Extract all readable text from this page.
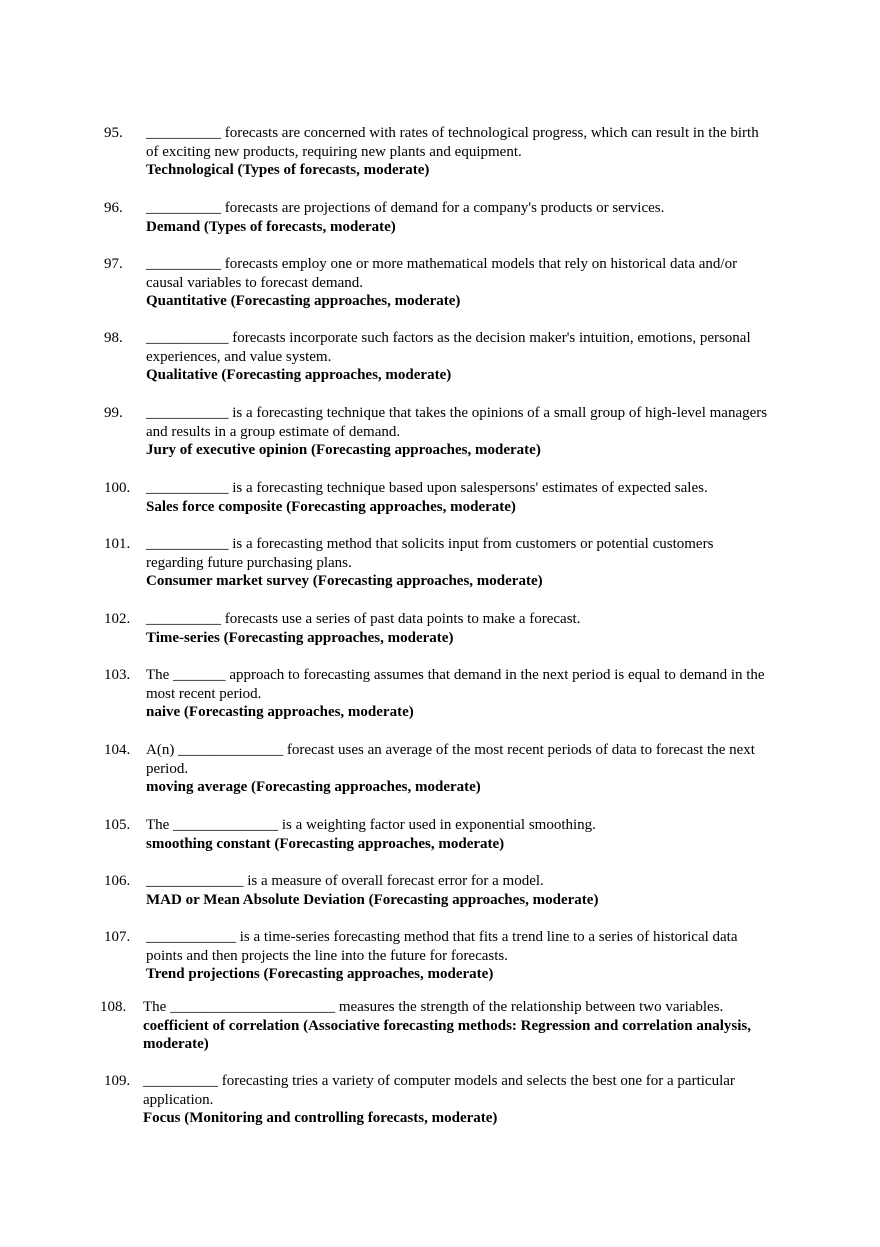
95. __________ forecasts are concerned with rates of technological progress, which can result in the birth of exciting new products, requiring new plants and equipment.
Technological (Types of forecasts, moderate)
96. __________ forecasts are projections of demand for a company's products or services.
Demand (Types of forecasts, moderate)
97. __________ forecasts employ one or more mathematical models that rely on historical data and/or causal variables to forecast demand.
Quantitative (Forecasting approaches, moderate)
98. ___________ forecasts incorporate such factors as the decision maker's intuition, emotions, personal experiences, and value system.
Qualitative (Forecasting approaches, moderate)
99. ___________ is a forecasting technique that takes the opinions of a small group of high-level managers and results in a group estimate of demand.
Jury of executive opinion (Forecasting approaches, moderate)
100. ___________ is a forecasting technique based upon salespersons' estimates of expected sales.
Sales force composite (Forecasting approaches, moderate)
101. ___________ is a forecasting method that solicits input from customers or potential customers regarding future purchasing plans.
Consumer market survey (Forecasting approaches, moderate)
102. __________ forecasts use a series of past data points to make a forecast.
Time-series (Forecasting approaches, moderate)
103. The _______ approach to forecasting assumes that demand in the next period is equal to demand in the most recent period.
naive (Forecasting approaches, moderate)
104. A(n) ______________ forecast uses an average of the most recent periods of data to forecast the next period.
moving average (Forecasting approaches, moderate)
105. The ______________ is a weighting factor used in exponential smoothing.
smoothing constant (Forecasting approaches, moderate)
106. _____________ is a measure of overall forecast error for a model.
MAD or Mean Absolute Deviation (Forecasting approaches, moderate)
107. ____________ is a time-series forecasting method that fits a trend line to a series of historical data points and then projects the line into the future for forecasts.
Trend projections (Forecasting approaches, moderate)
108. The ______________________ measures the strength of the relationship between two variables.
coefficient of correlation (Associative forecasting methods: Regression and correlation analysis, moderate)
109. __________ forecasting tries a variety of computer models and selects the best one for a particular application.
Focus (Monitoring and controlling forecasts, moderate)
